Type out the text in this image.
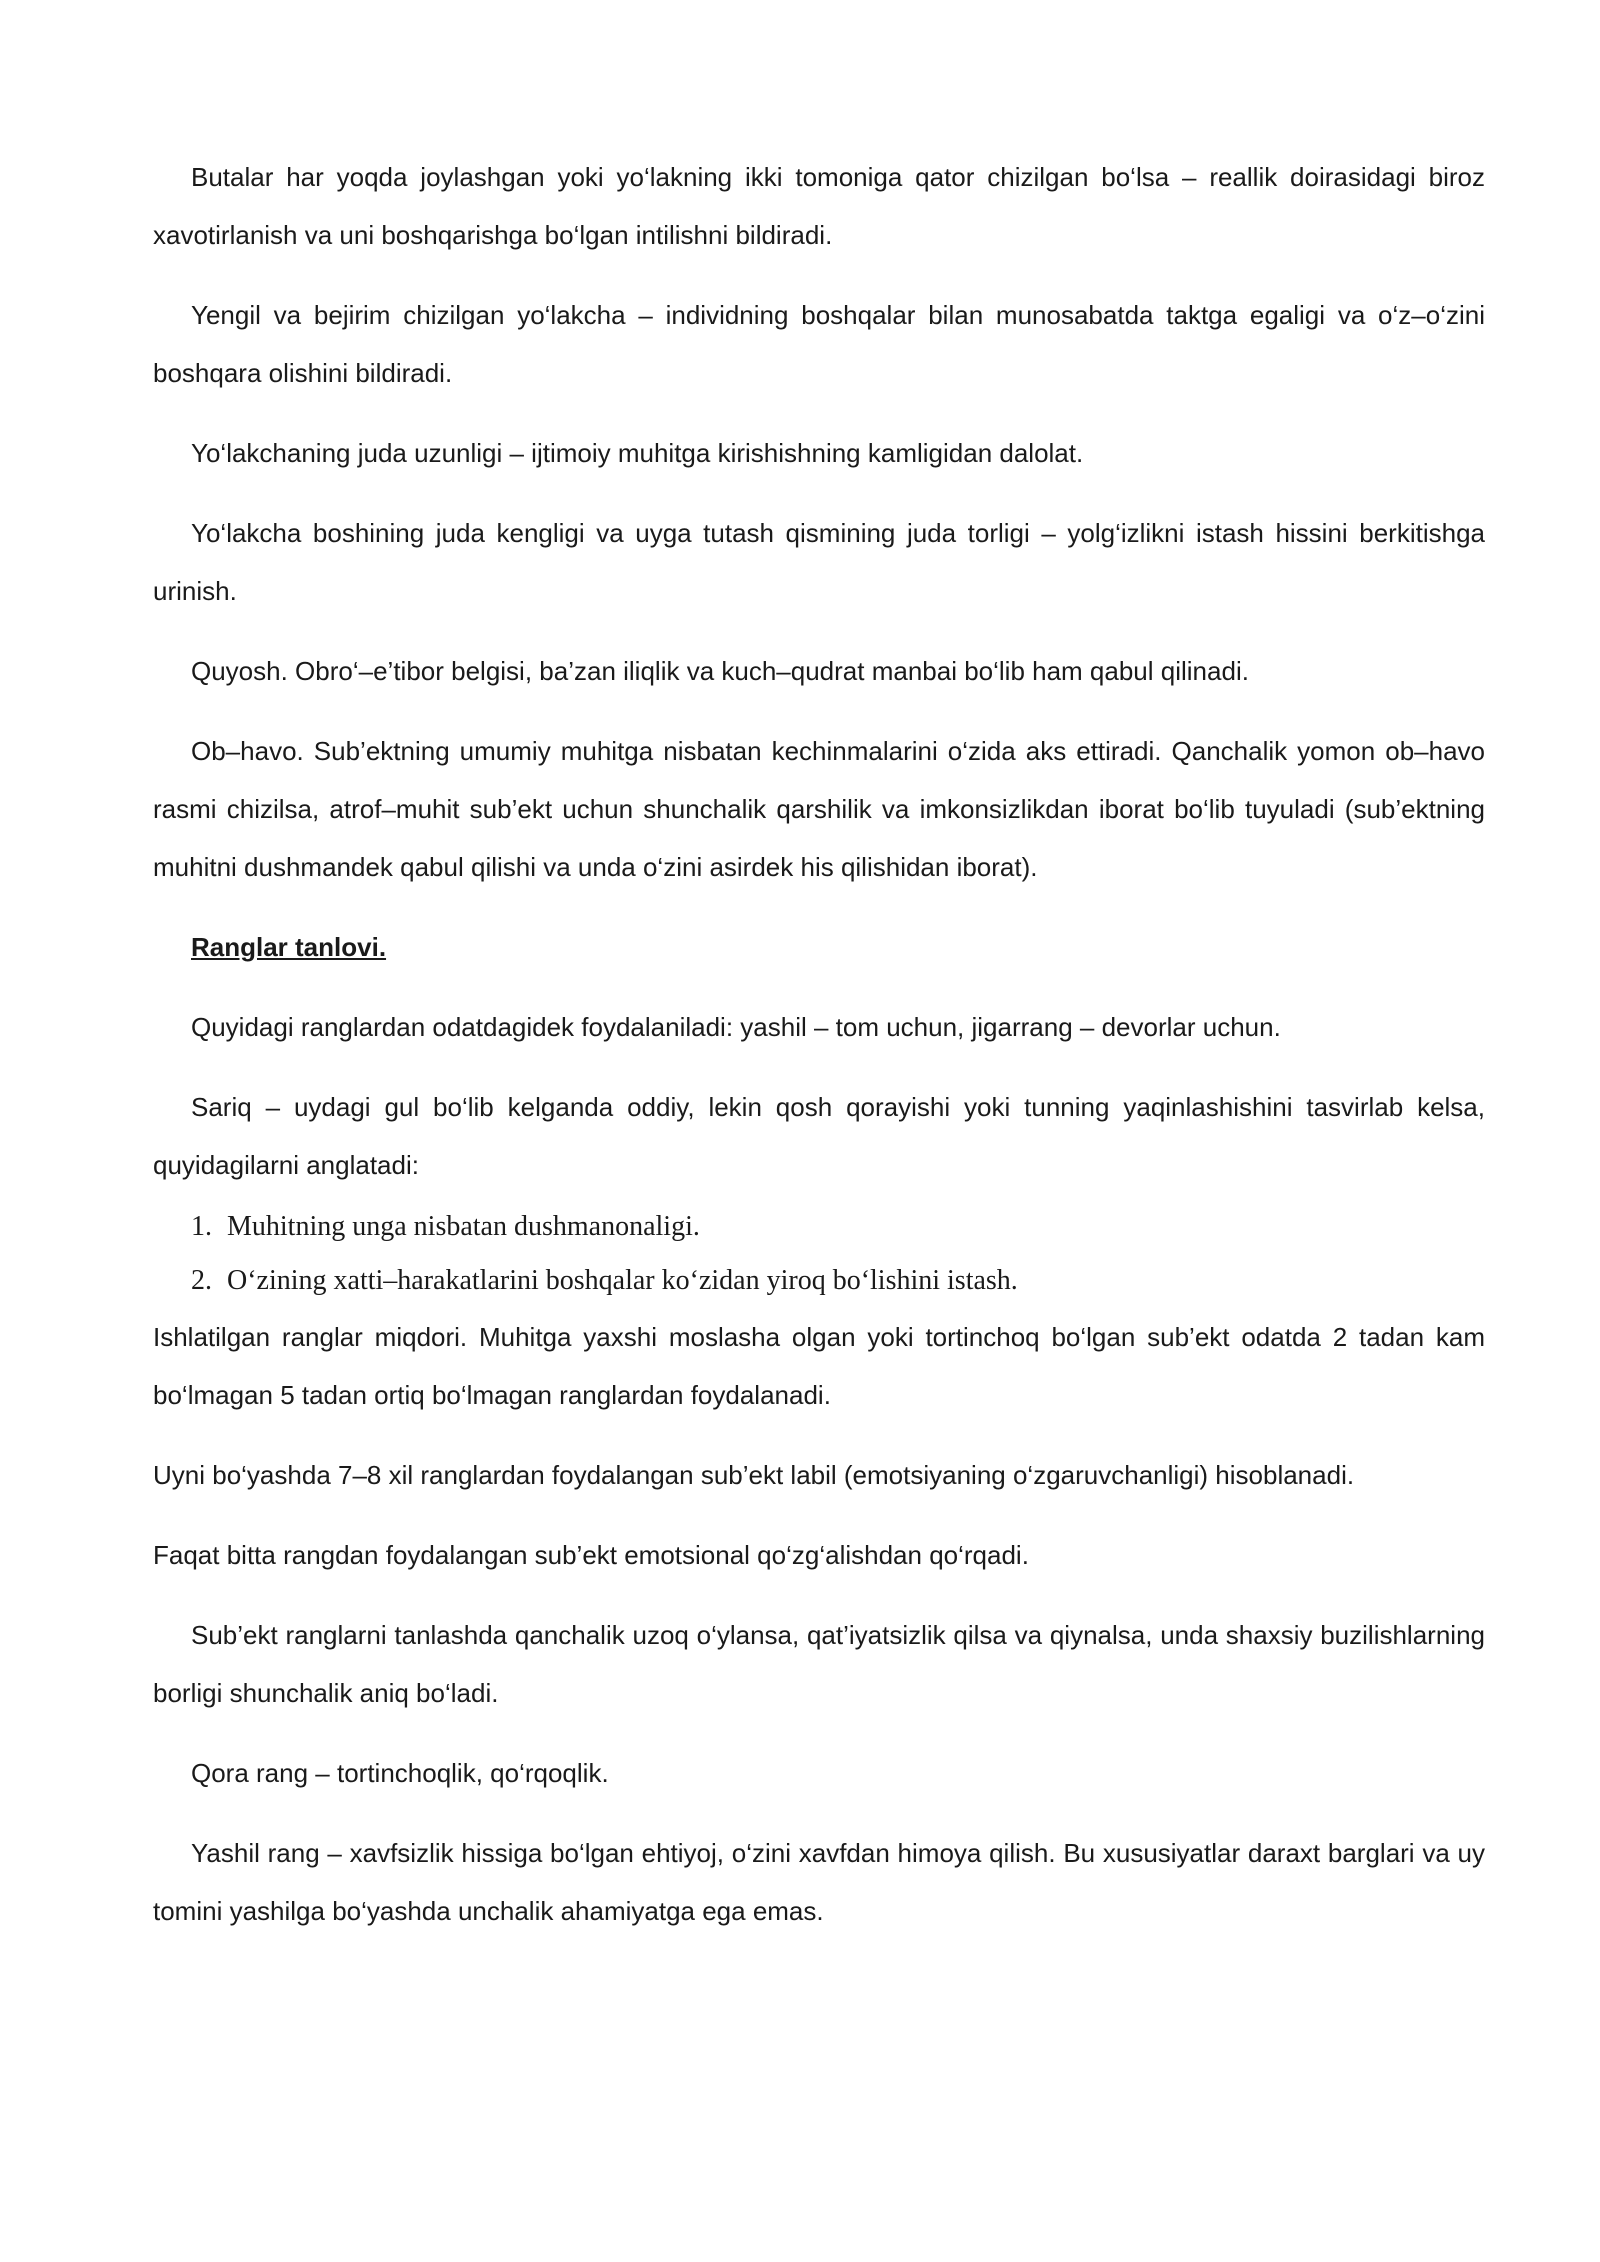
Butalar har yoqda joylashgan yoki yo‘lakning ikki tomoniga qator chizilgan bo‘lsa – reallik doirasidagi biroz xavotirlanish va uni boshqarishga bo‘lgan intilishni bildiradi.

Yengil va bejirim chizilgan yo‘lakcha – individning boshqalar bilan munosabatda taktga egaligi va o‘z–o‘zini boshqara olishini bildiradi.

Yo‘lakchaning juda uzunligi – ijtimoiy muhitga kirishishning kamligidan dalolat.

Yo‘lakcha boshining juda kengligi va uyga tutash qismining juda torligi – yolg‘izlikni istash hissini berkitishga urinish.

Quyosh. Obro‘–e’tibor belgisi, ba’zan iliqlik va kuch–qudrat manbai bo‘lib ham qabul qilinadi.

Ob–havo. Sub’ektning umumiy muhitga nisbatan kechinmalarini o‘zida aks ettiradi. Qanchalik yomon ob–havo rasmi chizilsa, atrof–muhit sub’ekt uchun shunchalik qarshilik va imkonsizlikdan iborat bo‘lib tuyuladi (sub’ektning muhitni dushmandek qabul qilishi va unda o‘zini asirdek his qilishidan iborat).

Ranglar tanlovi.

Quyidagi ranglardan odatdagidek foydalaniladi: yashil – tom uchun, jigarrang – devorlar uchun.

Sariq – uydagi gul bo‘lib kelganda oddiy, lekin qosh qorayishi yoki tunning yaqinlashishini tasvirlab kelsa, quyidagilarni anglatadi:

1. Muhitning unga nisbatan dushmanonaligi.
2. O‘zining xatti–harakatlarini boshqalar ko‘zidan yiroq bo‘lishini istash.

Ishlatilgan ranglar miqdori. Muhitga yaxshi moslasha olgan yoki tortinchoq bo‘lgan sub’ekt odatda 2 tadan kam bo‘lmagan 5 tadan ortiq bo‘lmagan ranglardan foydalanadi.

Uyni bo‘yashda 7–8 xil ranglardan foydalangan sub’ekt labil (emotsiyaning o‘zgaruvchanligi) hisoblanadi.

Faqat bitta rangdan foydalangan sub’ekt emotsional qo‘zg‘alishdan qo‘rqadi.

Sub’ekt ranglarni tanlashda qanchalik uzoq o‘ylansa, qat’iyatsizlik qilsa va qiynalsa, unda shaxsiy buzilishlarning borligi shunchalik aniq bo‘ladi.

Qora rang – tortinchoqlik, qo‘rqoqlik.

Yashil rang – xavfsizlik hissiga bo‘lgan ehtiyoj, o‘zini xavfdan himoya qilish. Bu xususiyatlar daraxt barglari va uy tomini yashilga bo‘yashda unchalik ahamiyatga ega emas.
